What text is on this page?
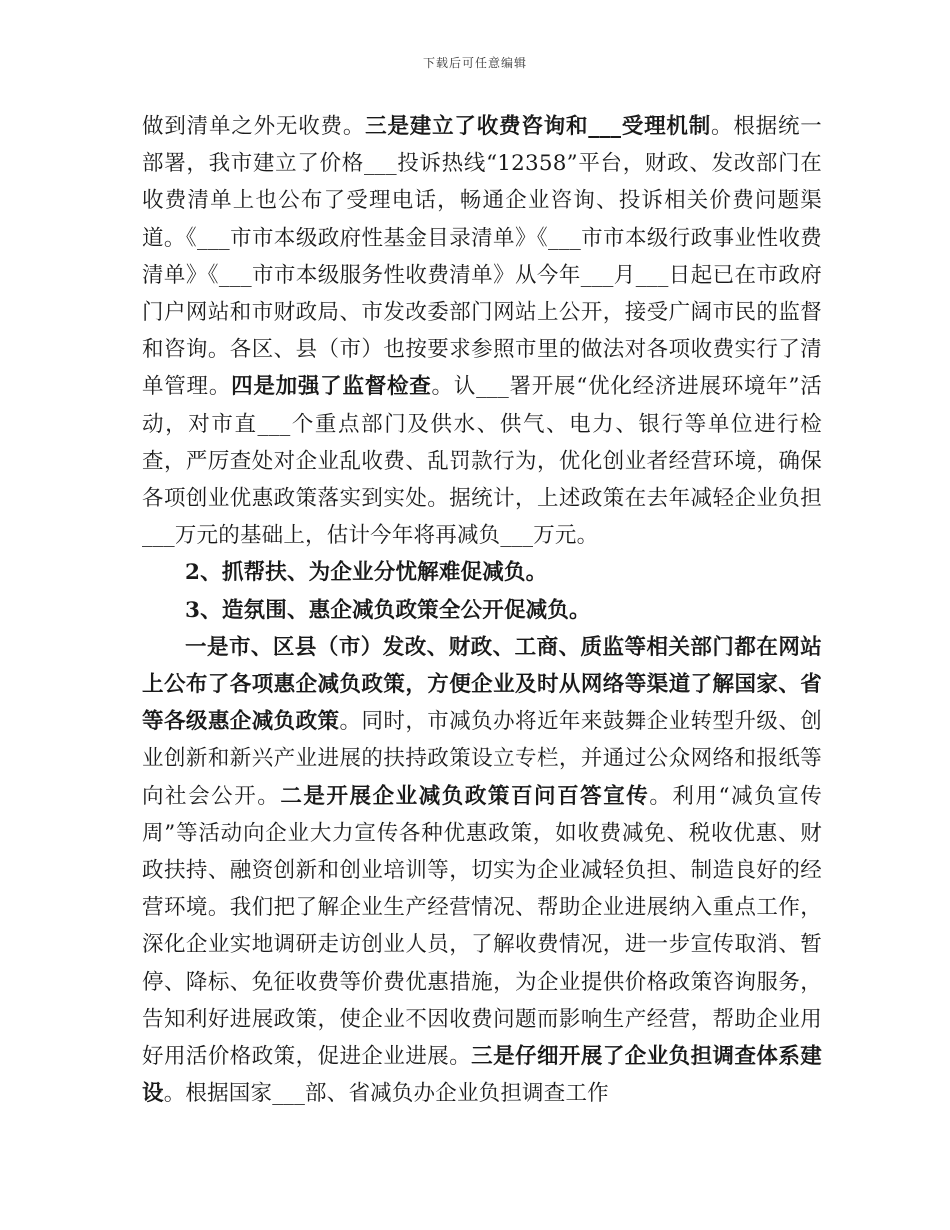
下载后可任意编辑

做到清单之外无收费。三是建立了收费咨询和___受理机制。根据统一部署，我市建立了价格___投诉热线“12358”平台，财政、发改部门在收费清单上也公布了受理电话，畅通企业咨询、投诉相关价费问题渠道。《___市市本级政府性基金目录清单》《___市市本级行政事业性收费清单》《___市市本级服务性收费清单》从今年___月___日起已在市政府门户网站和市财政局、市发改委部门网站上公开，接受广阔市民的监督和咨询。各区、县（市）也按要求参照市里的做法对各项收费实行了清单管理。四是加强了监督检查。认___署开展“优化经济进展环境年”活动，对市直___个重点部门及供水、供气、电力、银行等单位进行检查，严厉查处对企业乱收费、乱罚款行为，优化创业者经营环境，确保各项创业优惠政策落实到实处。据统计，上述政策在去年减轻企业负担___万元的基础上，估计今年将再减负___万元。

2、抓帮扶、为企业分忧解难促减负。

3、造氛围、惠企减负政策全公开促减负。

一是市、区县（市）发改、财政、工商、质监等相关部门都在网站上公布了各项惠企减负政策，方便企业及时从网络等渠道了解国家、省等各级惠企减负政策。同时，市减负办将近年来鼓舞企业转型升级、创业创新和新兴产业进展的扶持政策设立专栏，并通过公众网络和报纸等向社会公开。二是开展企业减负政策百问百答宣传。利用“减负宣传周”等活动向企业大力宣传各种优惠政策，如收费减免、税收优惠、财政扶持、融资创新和创业培训等，切实为企业减轻负担、制造良好的经营环境。我们把了解企业生产经营情况、帮助企业进展纳入重点工作，深化企业实地调研走访创业人员，了解收费情况，进一步宣传取消、暂停、降标、免征收费等价费优惠措施，为企业提供价格政策咨询服务，告知利好进展政策，使企业不因收费问题而影响生产经营，帮助企业用好用活价格政策，促进企业进展。三是仔细开展了企业负担调查体系建设。根据国家___部、省减负办企业负担调查工作
